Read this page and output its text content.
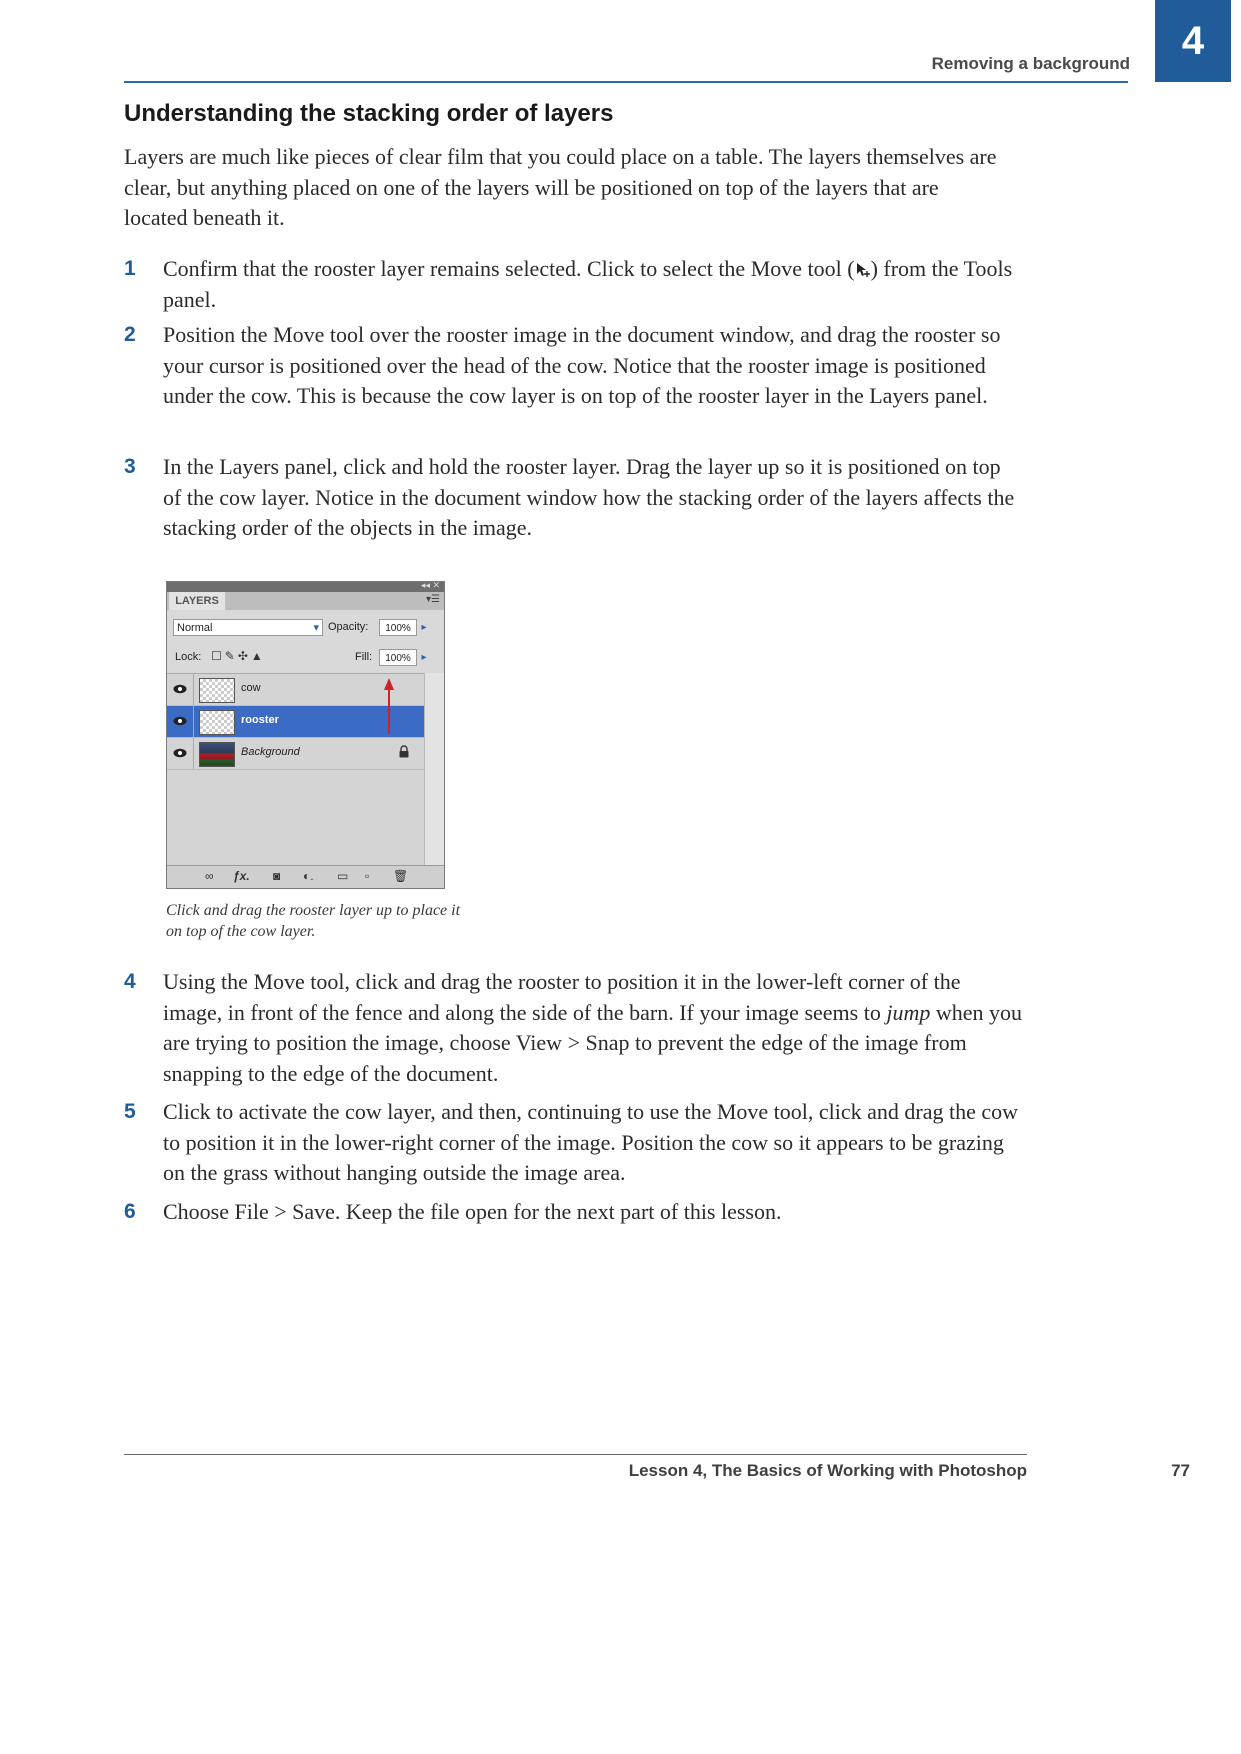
Removing a background
4
Understanding the stacking order of layers

Layers are much like pieces of clear film that you could place on a table. The layers themselves are clear, but anything placed on one of the layers will be positioned on top of the layers that are located beneath it.

1 Confirm that the rooster layer remains selected. Click to select the Move tool ( ) from the Tools panel.
2 Position the Move tool over the rooster image in the document window, and drag the rooster so your cursor is positioned over the head of the cow. Notice that the rooster image is positioned under the cow. This is because the cow layer is on top of the rooster layer in the Layers panel.
3 In the Layers panel, click and hold the rooster layer. Drag the layer up so it is positioned on top of the cow layer. Notice in the document window how the stacking order of the layers affects the stacking order of the objects in the image.
◂◂ ✕
LAYERS	▾☰
Normal	▾ Opacity:	100%	▸
Lock: ☐✎✣▲	Fill:	100%	▸
cow
rooster
Background
∞ ƒx. ◙ ◐. ▭ ▫ 🗑
Click and drag the rooster layer up to place it on top of the cow layer.
4 Using the Move tool, click and drag the rooster to position it in the lower-left corner of the image, in front of the fence and along the side of the barn. If your image seems to jump when you are trying to position the image, choose View > Snap to prevent the edge of the image from snapping to the edge of the document.
5 Click to activate the cow layer, and then, continuing to use the Move tool, click and drag the cow to position it in the lower-right corner of the image. Position the cow so it appears to be grazing on the grass without hanging outside the image area.
6 Choose File > Save. Keep the file open for the next part of this lesson.
Lesson 4, The Basics of Working with Photoshop	77
